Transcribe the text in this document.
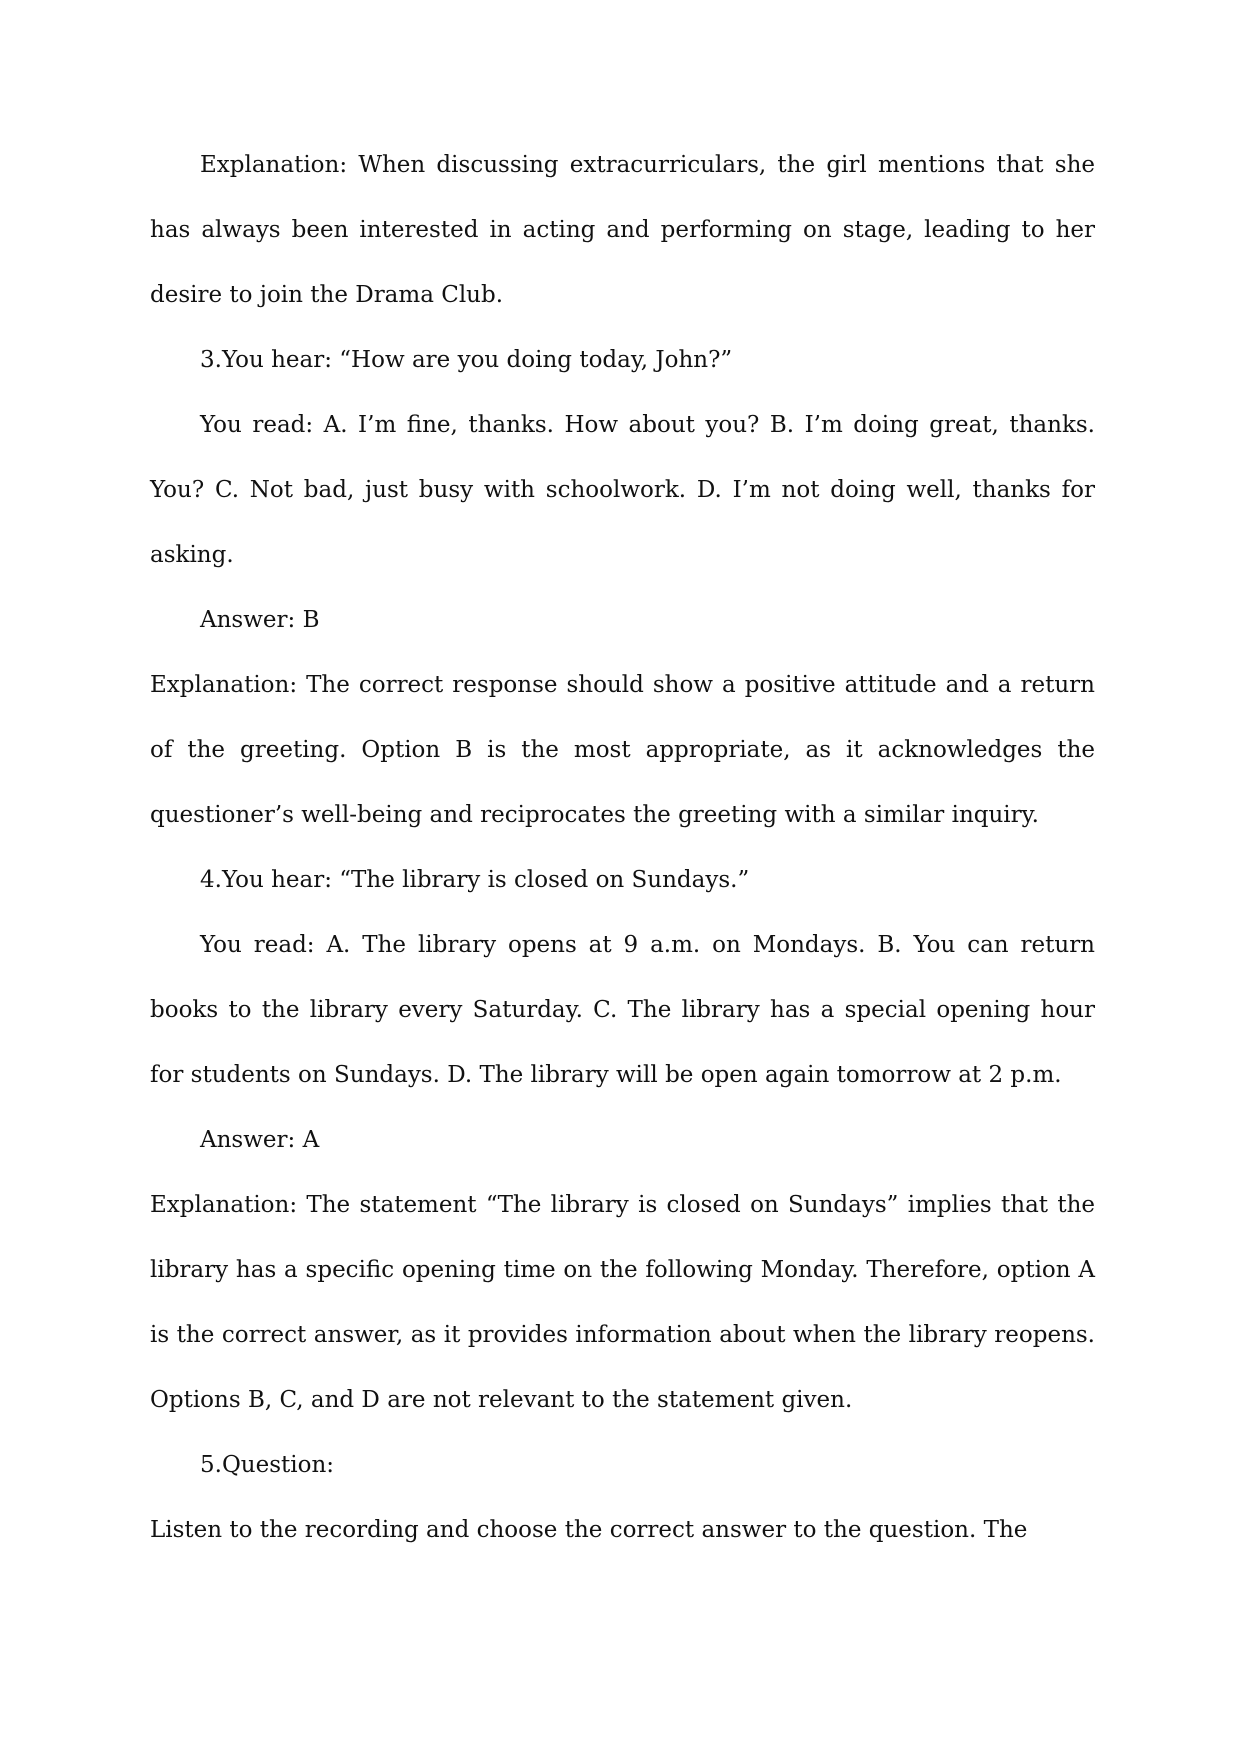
Explanation: When discussing extracurriculars, the girl mentions that she has always been interested in acting and performing on stage, leading to her desire to join the Drama Club.

3.You hear: “How are you doing today, John?”

You read: A. I’m fine, thanks. How about you? B. I’m doing great, thanks. You? C. Not bad, just busy with schoolwork. D. I’m not doing well, thanks for asking.

Answer: B

Explanation: The correct response should show a positive attitude and a return of the greeting. Option B is the most appropriate, as it acknowledges the questioner’s well-being and reciprocates the greeting with a similar inquiry.

4.You hear: “The library is closed on Sundays.”

You read: A. The library opens at 9 a.m. on Mondays. B. You can return books to the library every Saturday. C. The library has a special opening hour for students on Sundays. D. The library will be open again tomorrow at 2 p.m.

Answer: A

Explanation: The statement “The library is closed on Sundays” implies that the library has a specific opening time on the following Monday. Therefore, option A is the correct answer, as it provides information about when the library reopens. Options B, C, and D are not relevant to the statement given.

5.Question:

Listen to the recording and choose the correct answer to the question. The
